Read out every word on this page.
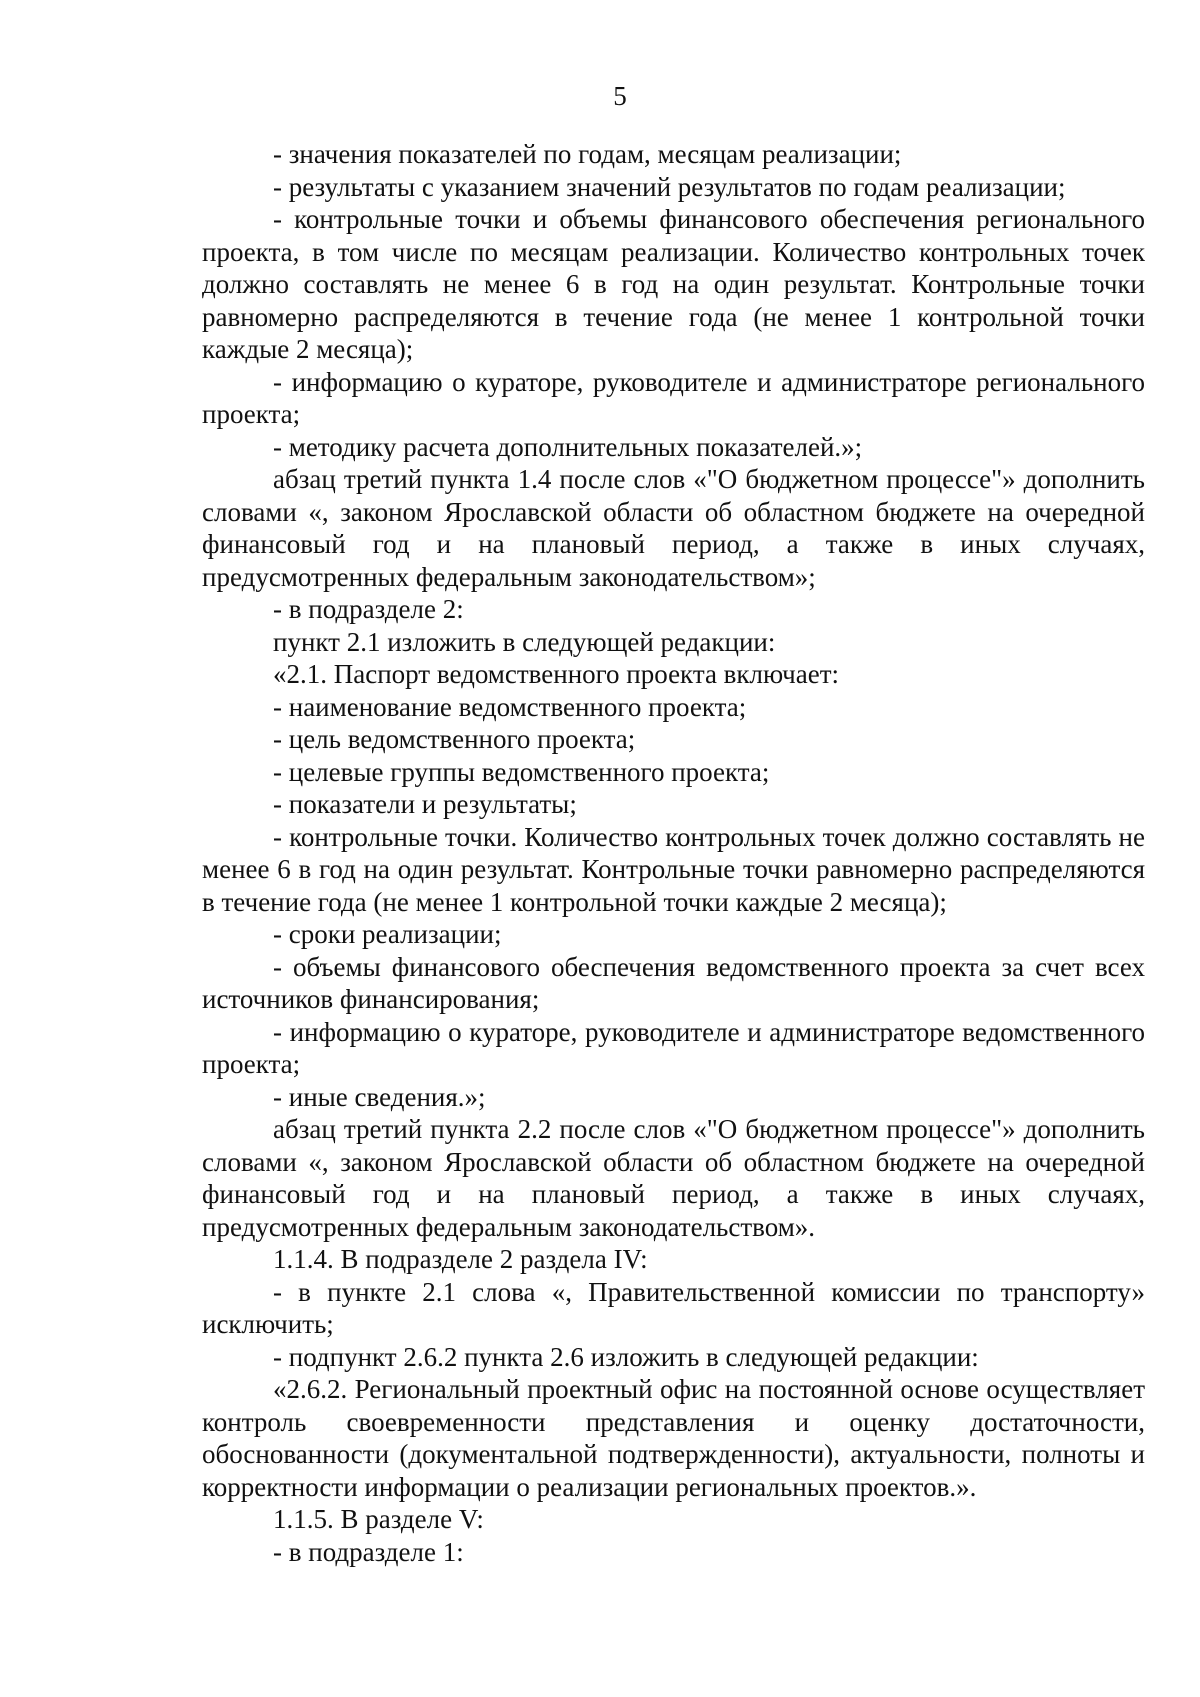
5

- значения показателей по годам, месяцам реализации;

- результаты с указанием значений результатов по годам реализации;

- контрольные точки и объемы финансового обеспечения регионального проекта, в том числе по месяцам реализации. Количество контрольных точек должно составлять не менее 6 в год на один результат. Контрольные точки равномерно распределяются в течение года (не менее 1 контрольной точки каждые 2 месяца);

- информацию о кураторе, руководителе и администраторе регионального проекта;

- методику расчета дополнительных показателей.»;

абзац третий пункта 1.4 после слов «"О бюджетном процессе"» дополнить словами «, законом Ярославской области об областном бюджете на очередной финансовый год и на плановый период, а также в иных случаях, предусмотренных федеральным законодательством»;

- в подразделе 2:

пункт 2.1 изложить в следующей редакции:

«2.1. Паспорт ведомственного проекта включает:

- наименование ведомственного проекта;

- цель ведомственного проекта;

- целевые группы ведомственного проекта;

- показатели и результаты;

- контрольные точки. Количество контрольных точек должно составлять не менее 6 в год на один результат. Контрольные точки равномерно распределяются в течение года (не менее 1 контрольной точки каждые 2 месяца);

- сроки реализации;

- объемы финансового обеспечения ведомственного проекта за счет всех источников финансирования;

- информацию о кураторе, руководителе и администраторе ведомственного проекта;

- иные сведения.»;

абзац третий пункта 2.2 после слов «"О бюджетном процессе"» дополнить словами «, законом Ярославской области об областном бюджете на очередной финансовый год и на плановый период, а также в иных случаях, предусмотренных федеральным законодательством».

1.1.4. В подразделе 2 раздела IV:

- в пункте 2.1 слова «, Правительственной комиссии по транспорту» исключить;

- подпункт 2.6.2 пункта 2.6 изложить в следующей редакции:

«2.6.2. Региональный проектный офис на постоянной основе осуществляет контроль своевременности представления и оценку достаточности, обоснованности (документальной подтвержденности), актуальности, полноты и корректности информации о реализации региональных проектов.».

1.1.5. В разделе V:

- в подразделе 1:
